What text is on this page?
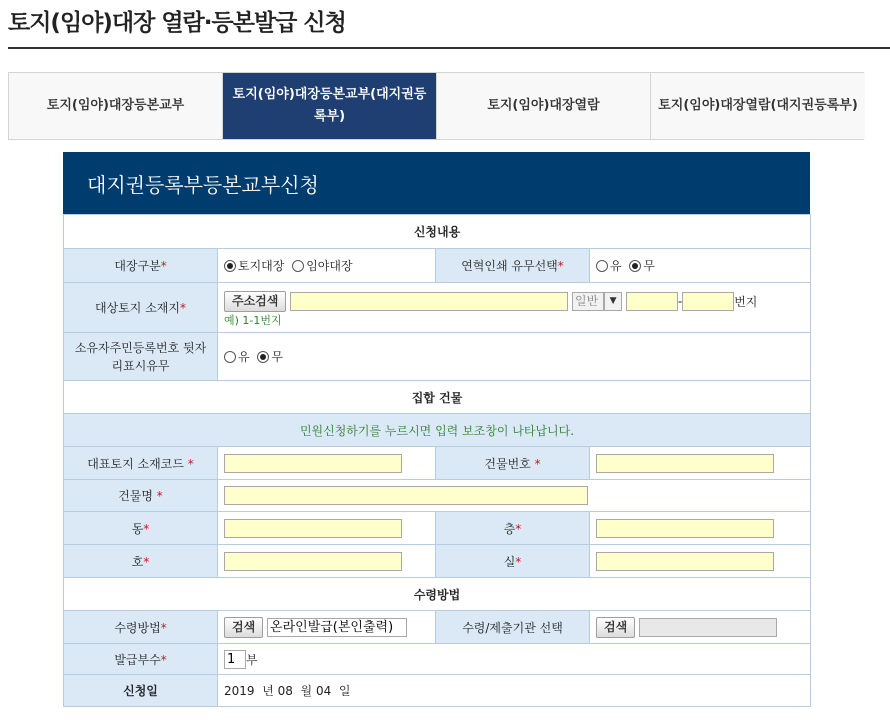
토지(임야)대장 열람·등본발급 신청
토지(임야)대장등본교부
토지(임야)대장등본교부(대지권등록부)
토지(임야)대장열람	토지(임야)대장열람(대지권등록부)
대지권등록부등본교부신청
신청내용			
대장구분*	토지대장 임야대장	연혁인쇄 유무선택*	유 무
대상토지 소재지*	주소검색 일반 ▼ - 번지
예) 1-1번지		

소유자주민등록번호 뒷자리표시유무	유 무		
집합 건물			
민원신청하기를 누르시면 입력 보조창이 나타납니다.			
대표토지 소재코드 *		건물번호 *	
건물명 *			
동*		층*	
호*		실*	
수령방법			
수령방법*	검색 온라인발급(본인출력)	수령/제출기관 선택	검색
발급부수*	1 부		
신청일	2019 년 08 월 04 일		
